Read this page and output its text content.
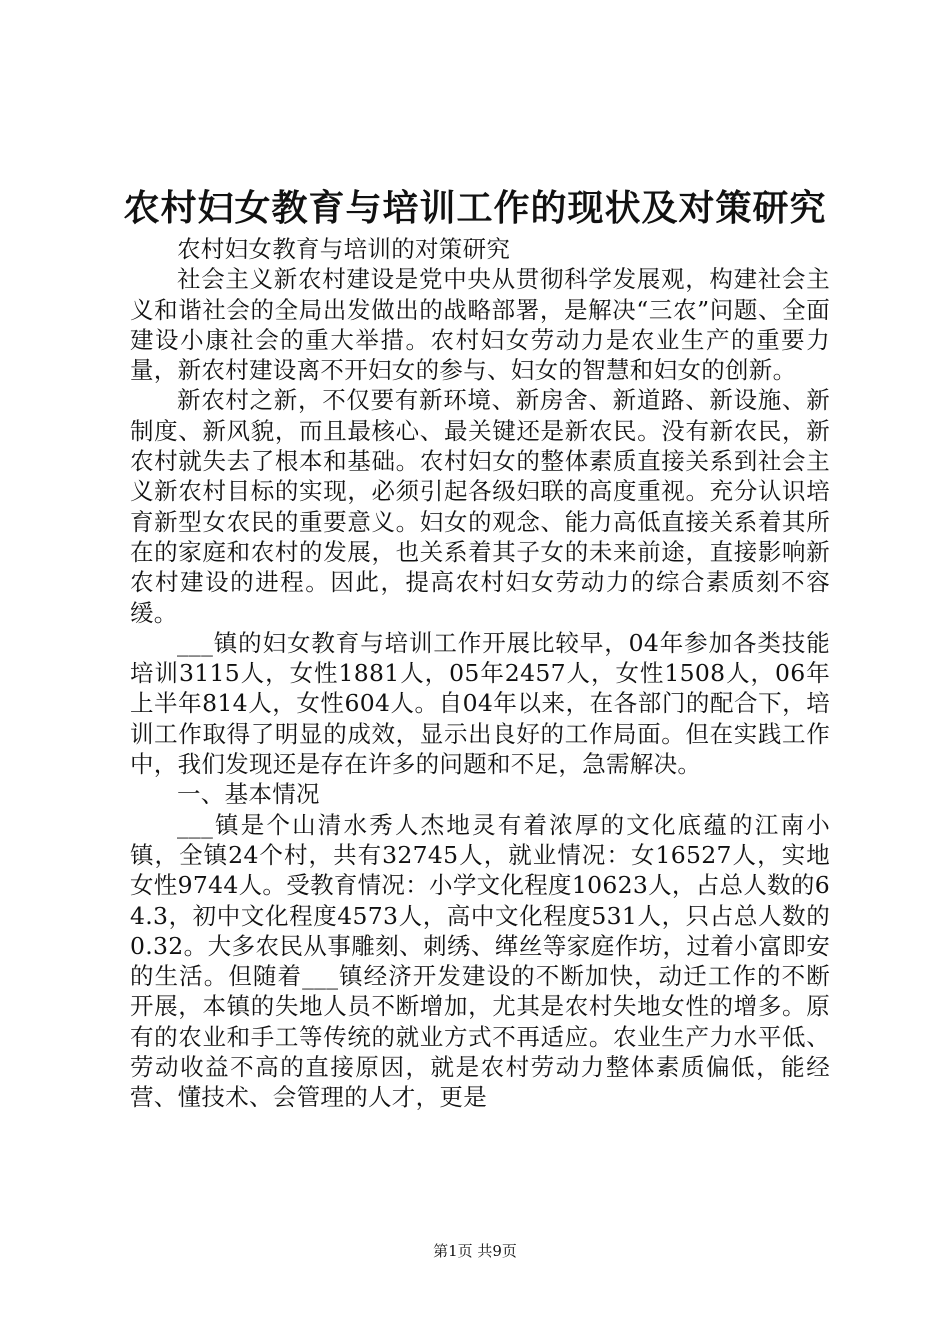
农村妇女教育与培训工作的现状及对策研究

农村妇女教育与培训的对策研究

社会主义新农村建设是党中央从贯彻科学发展观，构建社会主义和谐社会的全局出发做出的战略部署，是解决“三农”问题、全面建设小康社会的重大举措。农村妇女劳动力是农业生产的重要力量，新农村建设离不开妇女的参与、妇女的智慧和妇女的创新。

新农村之新，不仅要有新环境、新房舍、新道路、新设施、新制度、新风貌，而且最核心、最关键还是新农民。没有新农民，新农村就失去了根本和基础。农村妇女的整体素质直接关系到社会主义新农村目标的实现，必须引起各级妇联的高度重视。充分认识培育新型女农民的重要意义。妇女的观念、能力高低直接关系着其所在的家庭和农村的发展，也关系着其子女的未来前途，直接影响新农村建设的进程。因此，提高农村妇女劳动力的综合素质刻不容缓。

___镇的妇女教育与培训工作开展比较早，04年参加各类技能培训3115人，女性1881人，05年2457人，女性1508人，06年上半年814人，女性604人。自04年以来，在各部门的配合下，培训工作取得了明显的成效，显示出良好的工作局面。但在实践工作中，我们发现还是存在许多的问题和不足，急需解决。

一、基本情况

___镇是个山清水秀人杰地灵有着浓厚的文化底蕴的江南小镇，全镇24个村，共有32745人，就业情况：女16527人，实地女性9744人。受教育情况：小学文化程度10623人，占总人数的64.3，初中文化程度4573人，高中文化程度531人，只占总人数的0.32。大多农民从事雕刻、刺绣、缂丝等家庭作坊，过着小富即安的生活。但随着___镇经济开发建设的不断加快，动迁工作的不断开展，本镇的失地人员不断增加，尤其是农村失地女性的增多。原有的农业和手工等传统的就业方式不再适应。农业生产力水平低、劳动收益不高的直接原因，就是农村劳动力整体素质偏低，能经营、懂技术、会管理的人才，更是

第1页 共9页
